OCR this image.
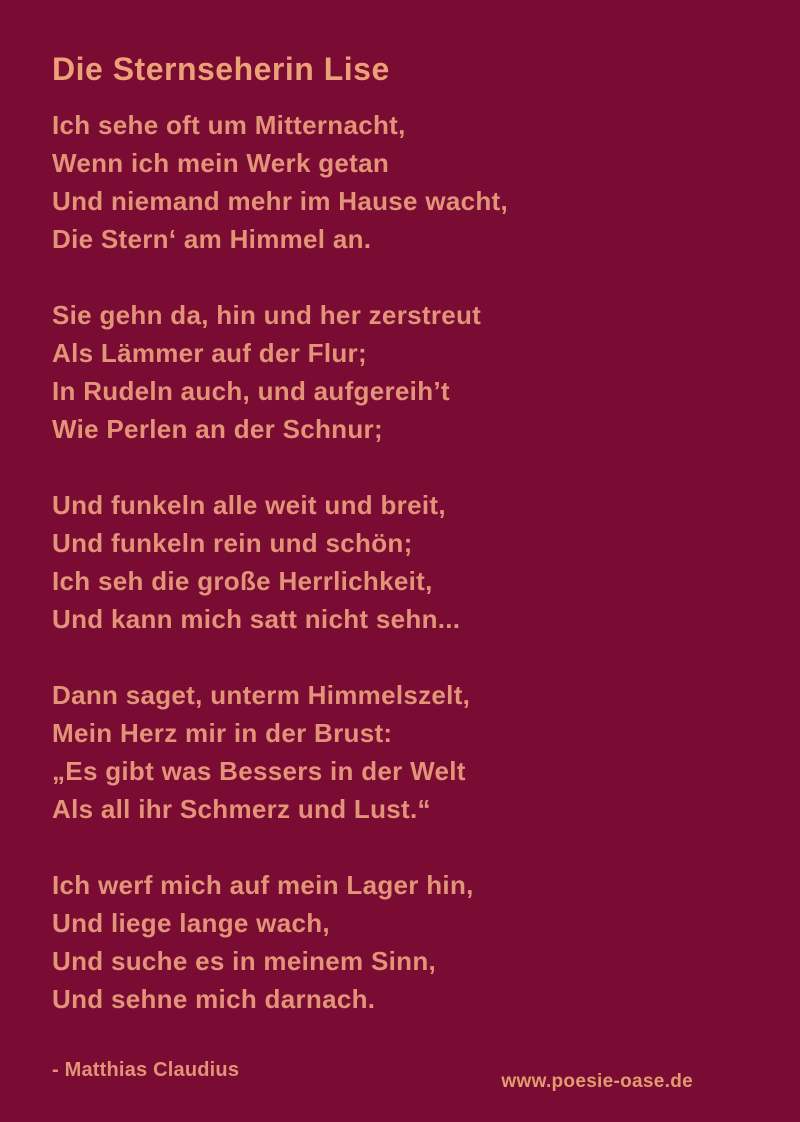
Die Sternseherin Lise
Ich sehe oft um Mitternacht,
Wenn ich mein Werk getan
Und niemand mehr im Hause wacht,
Die Stern‘ am Himmel an.
Sie gehn da, hin und her zerstreut
Als Lämmer auf der Flur;
In Rudeln auch, und aufgereih’t
Wie Perlen an der Schnur;
Und funkeln alle weit und breit,
Und funkeln rein und schön;
Ich seh die große Herrlichkeit,
Und kann mich satt nicht sehn...
Dann saget, unterm Himmelszelt,
Mein Herz mir in der Brust:
„Es gibt was Bessers in der Welt
Als all ihr Schmerz und Lust.“
Ich werf mich auf mein Lager hin,
Und liege lange wach,
Und suche es in meinem Sinn,
Und sehne mich darnach.
- Matthias Claudius
www.poesie-oase.de
